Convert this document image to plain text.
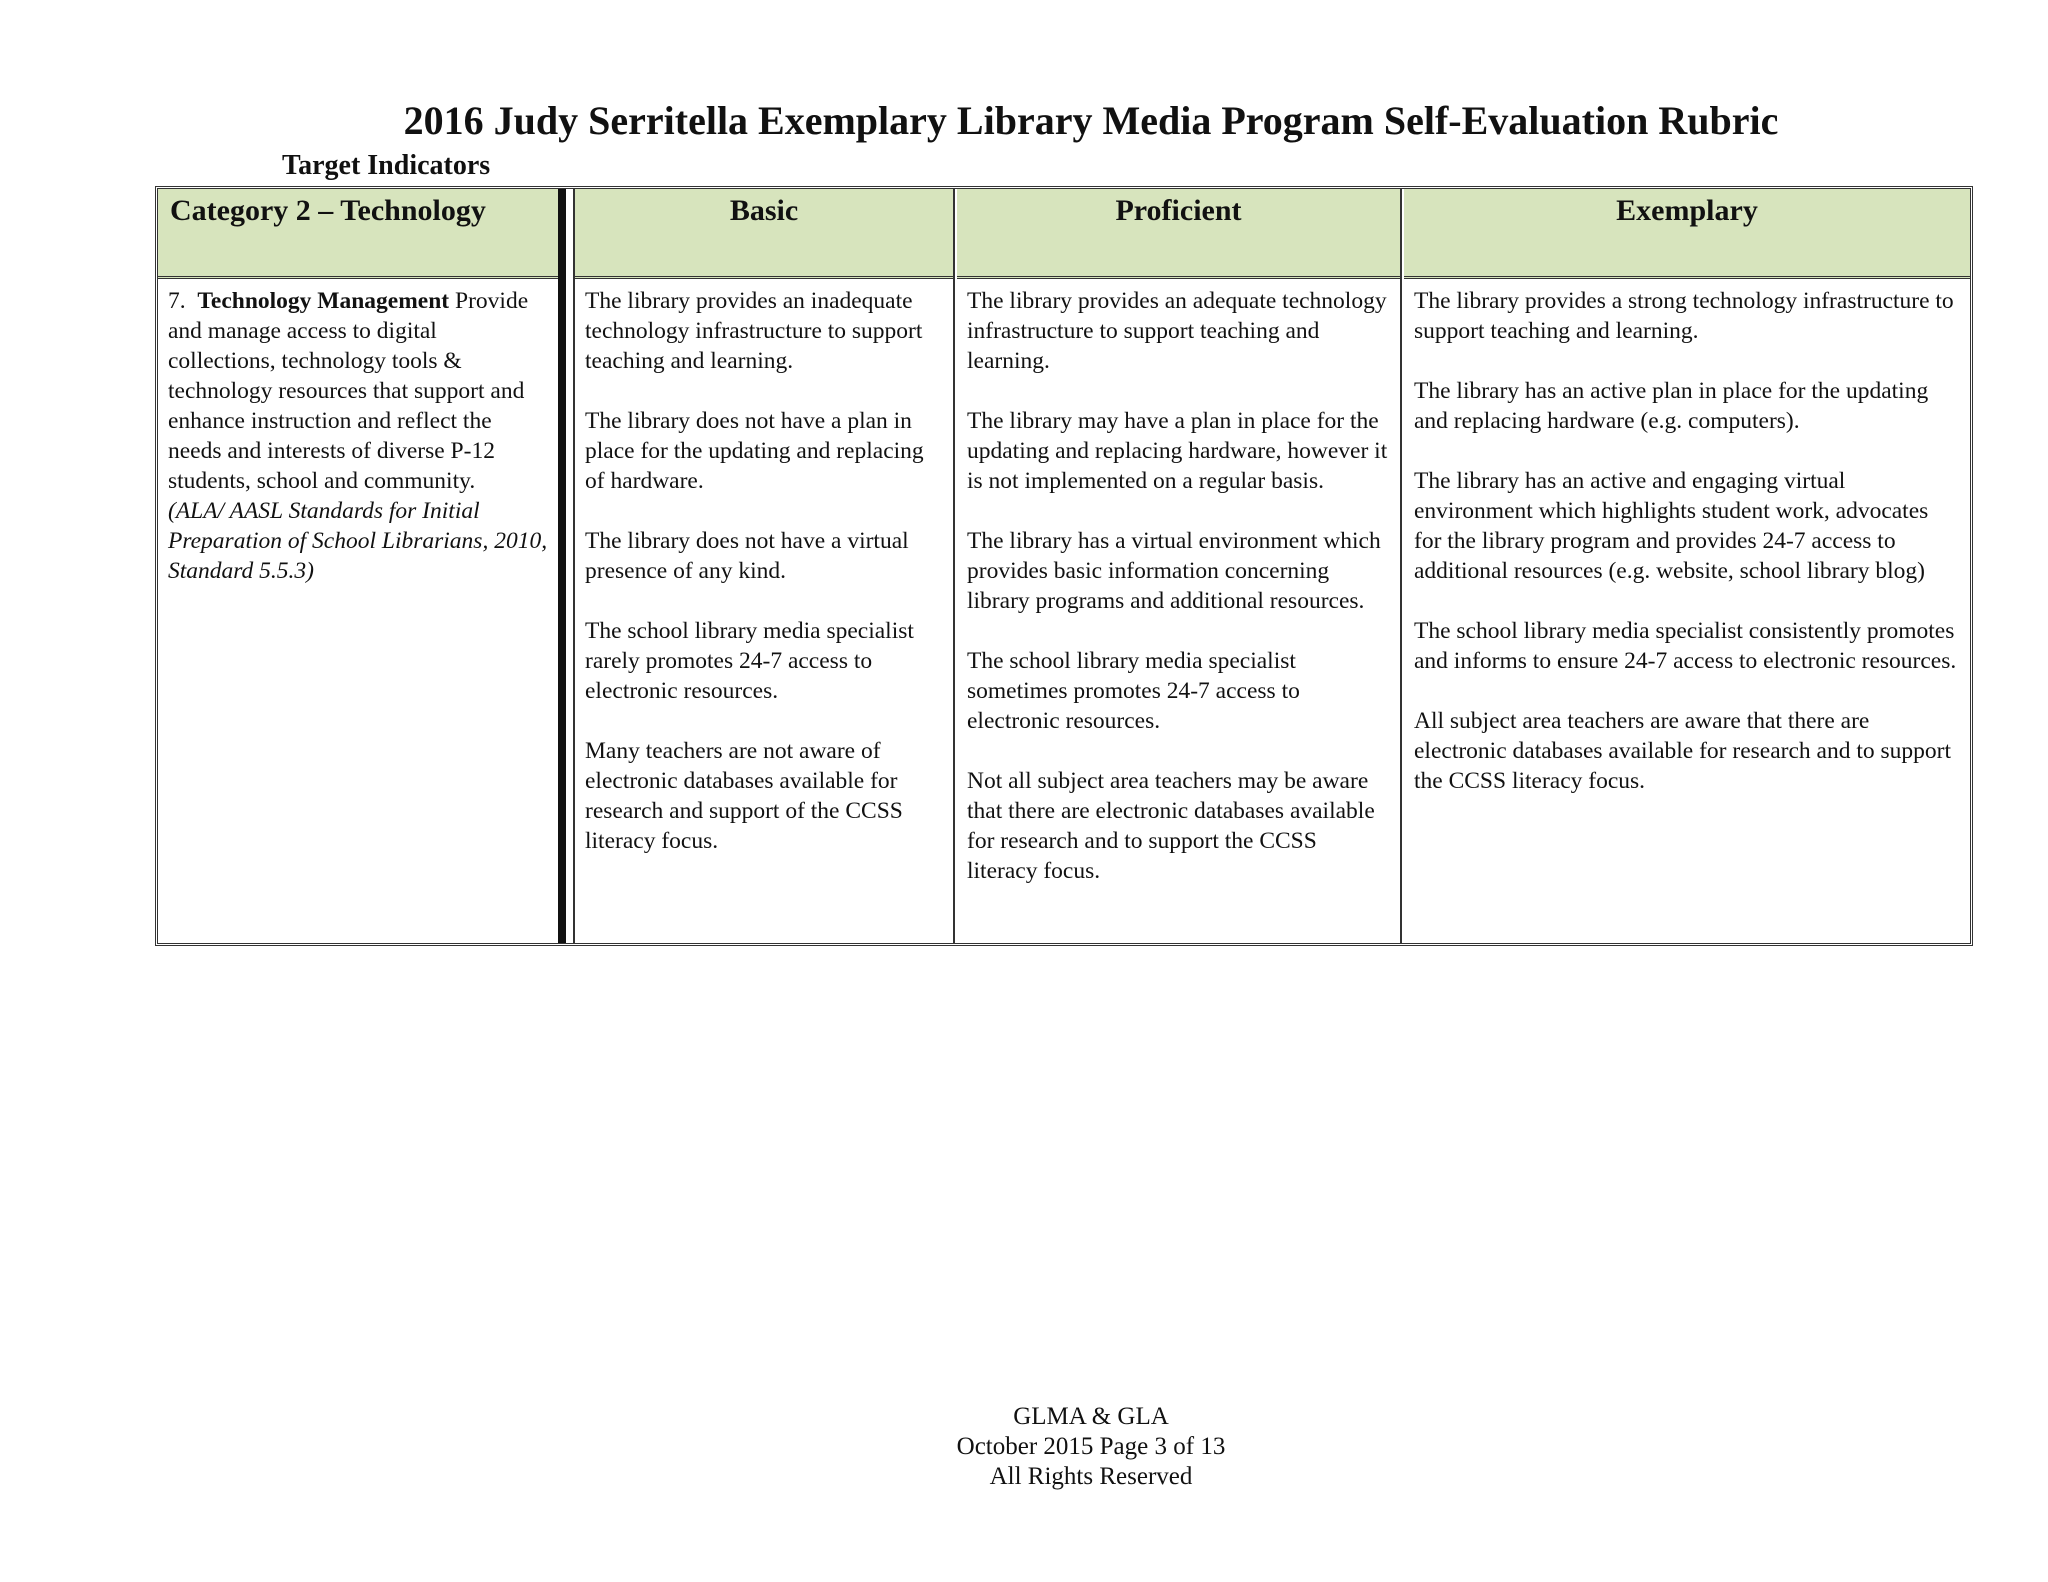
2016 Judy Serritella Exemplary Library Media Program Self-Evaluation Rubric
Target Indicators
Category 2 – Technology
7. Technology Management Provide and manage access to digital collections, technology tools & technology resources that support and enhance instruction and reflect the needs and interests of diverse P-12 students, school and community.
(ALA/ AASL Standards for Initial Preparation of School Librarians, 2010, Standard 5.5.3)
Basic

The library provides an inadequate technology infrastructure to support teaching and learning.

The library does not have a plan in place for the updating and replacing of hardware.

The library does not have a virtual presence of any kind.

The school library media specialist rarely promotes 24-7 access to electronic resources.

Many teachers are not aware of electronic databases available for research and support of the CCSS literacy focus.

Proficient

The library provides an adequate technology infrastructure to support teaching and learning.

The library may have a plan in place for the updating and replacing hardware, however it is not implemented on a regular basis.

The library has a virtual environment which provides basic information concerning library programs and additional resources.

The school library media specialist sometimes promotes 24-7 access to electronic resources.

Not all subject area teachers may be aware that there are electronic databases available for research and to support the CCSS literacy focus.

Exemplary

The library provides a strong technology infrastructure to support teaching and learning.

The library has an active plan in place for the updating and replacing hardware (e.g. computers).

The library has an active and engaging virtual environment which highlights student work, advocates for the library program and provides 24-7 access to additional resources (e.g. website, school library blog)

The school library media specialist consistently promotes and informs to ensure 24-7 access to electronic resources.

All subject area teachers are aware that there are electronic databases available for research and to support the CCSS literacy focus.

GLMA & GLA
October 2015 Page 3 of 13
All Rights Reserved
